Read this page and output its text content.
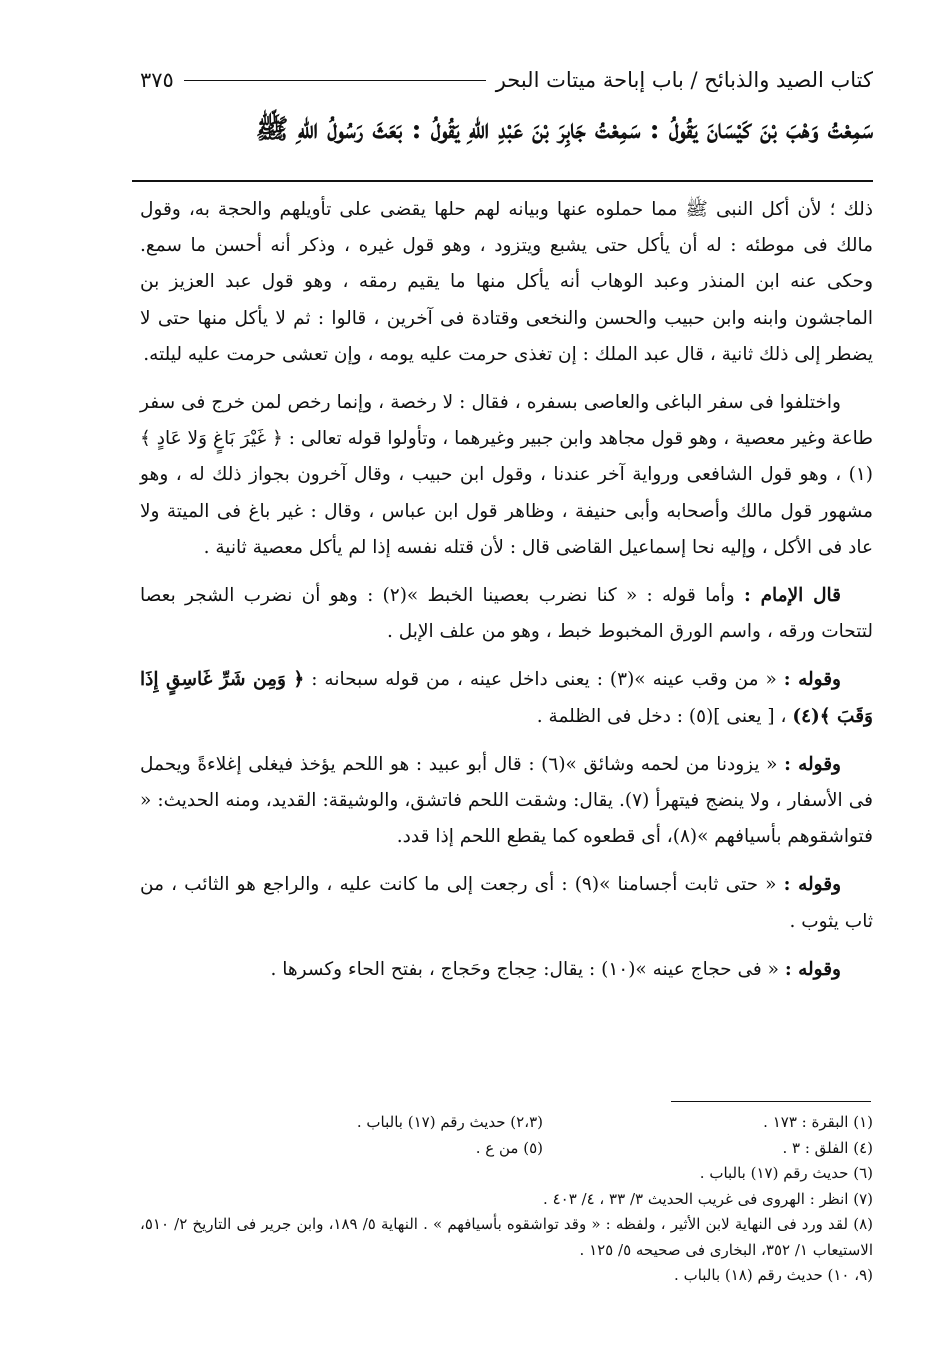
كتاب الصيد والذبائح / باب إباحة ميتات البحر
٣٧٥
سَمِعْتُ وَهْبَ بْنَ كَيْسَانَ يَقُولُ : سَمِعْتُ جَابِرَ بْنَ عَبْدِ اللهِ يَقُولُ : بَعَثَ رَسُولُ اللهِ ﷺ

ذلك ؛ لأن أكل النبى ﷺ مما حملوه عنها وبيانه لهم حلها يقضى على تأويلهم والحجة به، وقول مالك فى موطئه : له أن يأكل حتى يشبع ويتزود ، وهو قول غيره ، وذكر أنه أحسن ما سمع. وحكى عنه ابن المنذر وعبد الوهاب أنه يأكل منها ما يقيم رمقه ، وهو قول عبد العزيز بن الماجشون وابنه وابن حبيب والحسن والنخعى وقتادة فى آخرين ، قالوا : ثم لا يأكل منها حتى لا يضطر إلى ذلك ثانية ، قال عبد الملك : إن تغذى حرمت عليه يومه ، وإن تعشى حرمت عليه ليلته.

واختلفوا فى سفر الباغى والعاصى بسفره ، فقال : لا رخصة ، وإنما رخص لمن خرج فى سفر طاعة وغير معصية ، وهو قول مجاهد وابن جبير وغيرهما ، وتأولوا قوله تعالى : ﴿ غَيْرَ بَاغٍ وَلا عَادٍ ﴾(١) ، وهو قول الشافعى ورواية آخر عندنا ، وقول ابن حبيب ، وقال آخرون بجواز ذلك له ، وهو مشهور قول مالك وأصحابه وأبى حنيفة ، وظاهر قول ابن عباس ، وقال : غير باغ فى الميتة ولا عاد فى الأكل ، وإليه نحا إسماعيل القاضى قال : لأن قتله نفسه إذا لم يأكل معصية ثانية .

قال الإمام : وأما قوله : « كنا نضرب بعصينا الخبط »(٢) : وهو أن نضرب الشجر بعصا لتتحات ورقه ، واسم الورق المخبوط خبط ، وهو من علف الإبل .

وقوله : « من وقب عينه »(٣) : يعنى داخل عينه ، من قوله سبحانه : ﴿ وَمِن شَرِّ غَاسِقٍ إِذَا وَقَبَ ﴾(٤) ، [ يعنى ](٥) : دخل فى الظلمة .

وقوله : « يزودنا من لحمه وشائق »(٦) : قال أبو عبيد : هو اللحم يؤخذ فيغلى إغلاءةً ويحمل فى الأسفار ، ولا ينضج فيتهرأ (٧). يقال: وشقت اللحم فاتشق، والوشيقة: القديد، ومنه الحديث: « فتواشقوهم بأسيافهم »(٨)، أى قطعوه كما يقطع اللحم إذا قدد.

وقوله : « حتى ثابت أجسامنا »(٩) : أى رجعت إلى ما كانت عليه ، والراجع هو الثائب ، من ثاب يثوب .

وقوله : « فى حجاج عينه »(١٠) : يقال: حِجاج وحَجاج ، بفتح الحاء وكسرها .

(١) البقرة : ١٧٣ .
(٢،٣) حديث رقم (١٧) بالباب .
(٤) الفلق : ٣ .
(٥) من ع .
(٦) حديث رقم (١٧) بالباب .
(٧) انظر : الهروى فى غريب الحديث ٣/ ٣٣ ، ٤/ ٤٠٣ .
(٨) لقد ورد فى النهاية لابن الأثير ، ولفظه : « وقد تواشقوه بأسيافهم » . النهاية ٥/ ١٨٩، وابن جرير فى التاريخ ٢/ ٥١٠، الاستيعاب ١/ ٣٥٢، البخارى فى صحيحه ٥/ ١٢٥ .
(٩، ١٠) حديث رقم (١٨) بالباب .
